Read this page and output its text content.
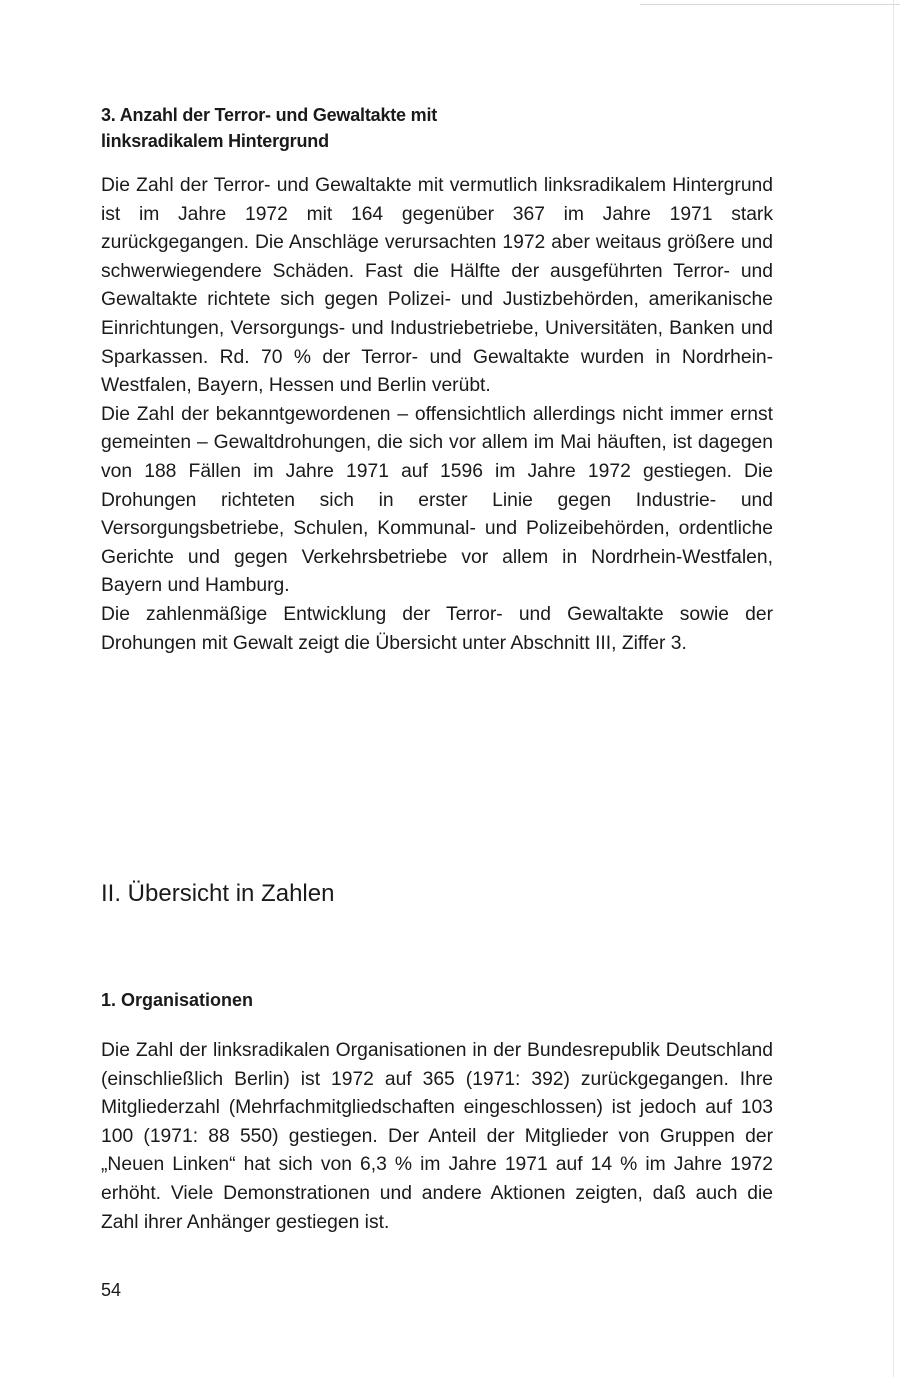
3. Anzahl der Terror- und Gewaltakte mit
linksradikalem Hintergrund

Die Zahl der Terror- und Gewaltakte mit vermutlich linksradikalem Hintergrund ist im Jahre 1972 mit 164 gegenüber 367 im Jahre 1971 stark zurückgegangen. Die Anschläge verursachten 1972 aber weitaus größere und schwerwiegendere Schäden. Fast die Hälfte der ausgeführten Terror- und Gewaltakte richtete sich gegen Polizei- und Justizbehörden, amerikanische Einrichtungen, Versorgungs- und Industriebetriebe, Universitäten, Banken und Sparkassen. Rd. 70 % der Terror- und Gewaltakte wurden in Nordrhein-Westfalen, Bayern, Hessen und Berlin verübt.

Die Zahl der bekanntgewordenen – offensichtlich allerdings nicht immer ernst gemeinten – Gewaltdrohungen, die sich vor allem im Mai häuften, ist dagegen von 188 Fällen im Jahre 1971 auf 1596 im Jahre 1972 gestiegen. Die Drohungen richteten sich in erster Linie gegen Industrie- und Versorgungsbetriebe, Schulen, Kommunal- und Polizeibehörden, ordentliche Gerichte und gegen Verkehrsbetriebe vor allem in Nordrhein-Westfalen, Bayern und Hamburg.

Die zahlenmäßige Entwicklung der Terror- und Gewaltakte sowie der Drohungen mit Gewalt zeigt die Übersicht unter Abschnitt III, Ziffer 3.

II. Übersicht in Zahlen
1. Organisationen

Die Zahl der linksradikalen Organisationen in der Bundesrepublik Deutschland (einschließlich Berlin) ist 1972 auf 365 (1971: 392) zurückgegangen. Ihre Mitgliederzahl (Mehrfachmitgliedschaften eingeschlossen) ist jedoch auf 103 100 (1971: 88 550) gestiegen. Der Anteil der Mitglieder von Gruppen der „Neuen Linken“ hat sich von 6,3 % im Jahre 1971 auf 14 % im Jahre 1972 erhöht. Viele Demonstrationen und andere Aktionen zeigten, daß auch die Zahl ihrer Anhänger gestiegen ist.

54
